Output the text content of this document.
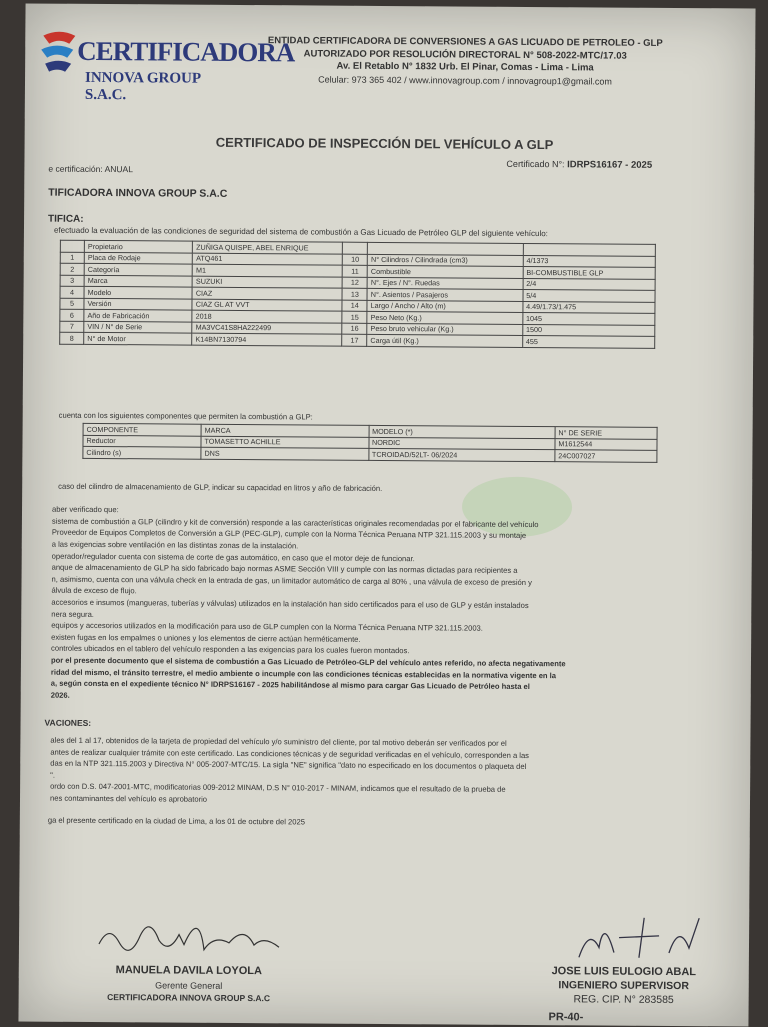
CERTIFICADORA
INNOVA GROUP S.A.C.
ENTIDAD CERTIFICADORA DE CONVERSIONES A GAS LICUADO DE PETROLEO - GLP
AUTORIZADO POR RESOLUCIÓN DIRECTORAL N° 508-2022-MTC/17.03
Av. El Retablo N° 1832 Urb. El Pinar, Comas - Lima - Lima
Celular: 973 365 402 / www.innovagroup.com / innovagroup1@gmail.com
CERTIFICADO DE INSPECCIÓN DEL VEHÍCULO A GLP
Certificado N°: IDRPS16167 - 2025
e certificación: ANUAL
TIFICADORA INNOVA GROUP S.A.C
TIFICA:
efectuado la evaluación de las condiciones de seguridad del sistema de combustión a Gas Licuado de Petróleo GLP del siguiente vehículo:
	Propietario	ZUÑIGA QUISPE, ABEL ENRIQUE			
1	Placa de Rodaje	ATQ461	10	N° Cilindros / Cilindrada (cm3)	4/1373
2	Categoría	M1	11	Combustible	BI-COMBUSTIBLE GLP
3	Marca	SUZUKI	12	N°. Ejes / N°. Ruedas	2/4
4	Modelo	CIAZ	13	N°. Asientos / Pasajeros	5/4
5	Versión	CIAZ GL AT VVT	14	Largo / Ancho / Alto (m)	4.49/1.73/1.475
6	Año de Fabricación	2018	15	Peso Neto (Kg.)	1045
7	VIN / N° de Serie	MA3VC41S8HA222499	16	Peso bruto vehicular (Kg.)	1500
8	N° de Motor	K14BN7130794	17	Carga útil (Kg.)	455
cuenta con los siguientes componentes que permiten la combustión a GLP:
COMPONENTE	MARCA	MODELO (*)	N° DE SERIE
Reductor	TOMASETTO ACHILLE	NORDIC	M1612544
Cilindro (s)	DNS	TCROIDAD/52LT- 06/2024	24C007027
caso del cilindro de almacenamiento de GLP, indicar su capacidad en litros y año de fabricación.
aber verificado que:
sistema de combustión a GLP (cilindro y kit de conversión) responde a las características originales recomendadas por el fabricante del vehículo
Proveedor de Equipos Completos de Conversión a GLP (PEC-GLP), cumple con la Norma Técnica Peruana NTP 321.115.2003 y su montaje
a las exigencias sobre ventilación en las distintas zonas de la instalación.
operador/regulador cuenta con sistema de corte de gas automático, en caso que el motor deje de funcionar.
anque de almacenamiento de GLP ha sido fabricado bajo normas ASME Sección VIII y cumple con las normas dictadas para recipientes a
n, asimismo, cuenta con una válvula check en la entrada de gas, un limitador automático de carga al 80% , una válvula de exceso de presión y
álvula de exceso de flujo.
accesorios e insumos (mangueras, tuberías y válvulas) utilizados en la instalación han sido certificados para el uso de GLP y están instalados
nera segura.
equipos y accesorios utilizados en la modificación para uso de GLP cumplen con la Norma Técnica Peruana NTP 321.115.2003.
existen fugas en los empalmes o uniones y los elementos de cierre actúan herméticamente.
controles ubicados en el tablero del vehículo responden a las exigencias para los cuales fueron montados.
por el presente documento que el sistema de combustión a Gas Licuado de Petróleo-GLP del vehículo antes referido, no afecta negativamente
ridad del mismo, el tránsito terrestre, el medio ambiente o incumple con las condiciones técnicas establecidas en la normativa vigente en la
a, según consta en el expediente técnico N° IDRPS16167 - 2025 habilitándose al mismo para cargar Gas Licuado de Petróleo hasta el
2026.
VACIONES:
ales del 1 al 17, obtenidos de la tarjeta de propiedad del vehículo y/o suministro del cliente, por tal motivo deberán ser verificados por el
antes de realizar cualquier trámite con este certificado. Las condiciones técnicas y de seguridad verificadas en el vehículo, corresponden a las
das en la NTP 321.115.2003 y Directiva N° 005-2007-MTC/15. La sigla "NE" significa "dato no especificado en los documentos o plaqueta del
".
ordo con D.S. 047-2001-MTC, modificatorias 009-2012 MINAM, D.S N° 010-2017 - MINAM, indicamos que el resultado de la prueba de
nes contaminantes del vehículo es aprobatorio
ga el presente certificado en la ciudad de Lima, a los 01 de octubre del 2025
MANUELA DAVILA LOYOLA
Gerente General
CERTIFICADORA INNOVA GROUP S.A.C
JOSE LUIS EULOGIO ABAL
INGENIERO SUPERVISOR
REG. CIP. N° 283585
PR-40-
